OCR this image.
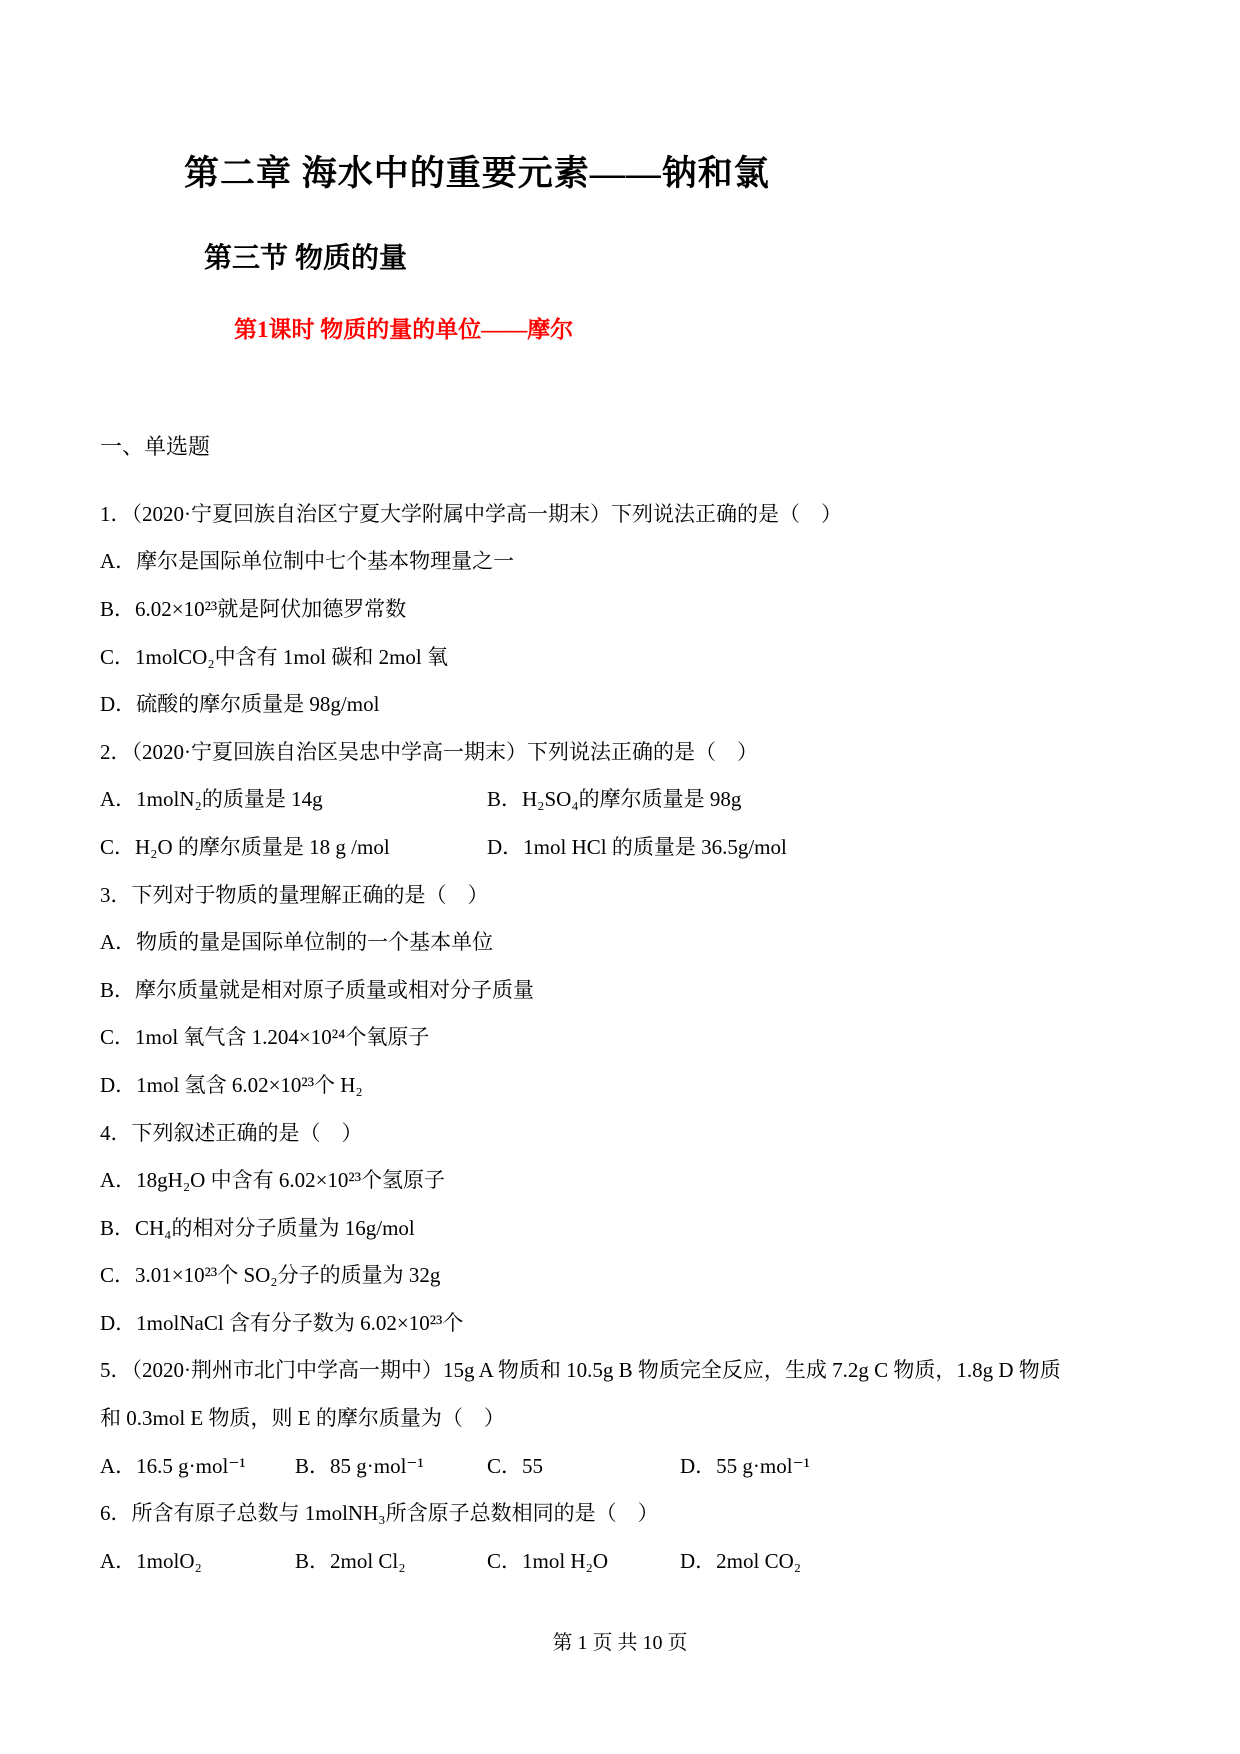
第二章 海水中的重要元素——钠和氯
第三节 物质的量
第1课时 物质的量的单位——摩尔
一、单选题
1．（2020·宁夏回族自治区宁夏大学附属中学高一期末）下列说法正确的是（　）
A．摩尔是国际单位制中七个基本物理量之一
B．6.02×10²³就是阿伏加德罗常数
C．1molCO₂中含有 1mol 碳和 2mol 氧
D．硫酸的摩尔质量是 98g/mol
2．（2020·宁夏回族自治区吴忠中学高一期末）下列说法正确的是（　）
A．1molN₂的质量是 14g	B．H₂SO₄的摩尔质量是 98g
C．H₂O 的摩尔质量是 18 g /mol	D．1mol HCl 的质量是 36.5g/mol
3．下列对于物质的量理解正确的是（　）
A．物质的量是国际单位制的一个基本单位
B．摩尔质量就是相对原子质量或相对分子质量
C．1mol 氧气含 1.204×10²⁴个氧原子
D．1mol 氢含 6.02×10²³个 H₂
4．下列叙述正确的是（　）
A．18gH₂O 中含有 6.02×10²³个氢原子
B．CH₄的相对分子质量为 16g/mol
C．3.01×10²³个 SO₂分子的质量为 32g
D．1molNaCl 含有分子数为 6.02×10²³个
5．（2020·荆州市北门中学高一期中）15g A 物质和 10.5g B 物质完全反应，生成 7.2g C 物质，1.8g D 物质
和 0.3mol E 物质，则 E 的摩尔质量为（　）
A．16.5 g·mol⁻¹ B．85 g·mol⁻¹	C．55	D．55 g·mol⁻¹
6．所含有原子总数与 1molNH₃所含原子总数相同的是（　）
A．1molO₂	B．2mol Cl₂	C．1mol H₂O	D．2mol CO₂
第 1 页 共 10 页
